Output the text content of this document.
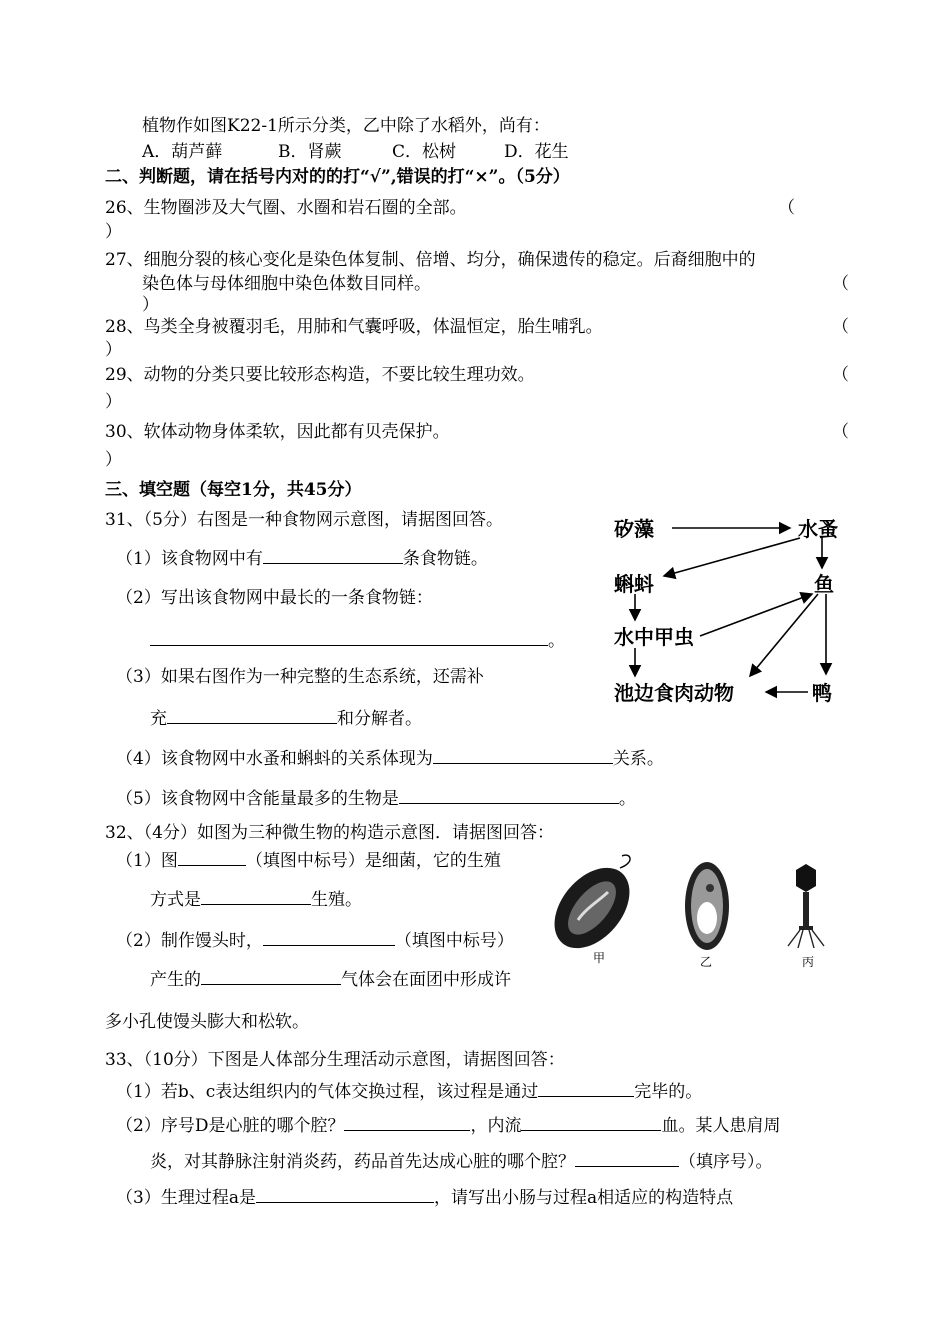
植物作如图K22-1所示分类，乙中除了水稻外，尚有：
A．葫芦藓	B．肾蕨	C．松树	D．花生
二、判断题，请在括号内对的的打“√”,错误的打“×”。（5分）
26、生物圈涉及大气圈、水圈和岩石圈的全部。	（
）
27、细胞分裂的核心变化是染色体复制、倍增、均分，确保遗传的稳定。后裔细胞中的
染色体与母体细胞中染色体数目同样。	（
）
28、鸟类全身被覆羽毛，用肺和气囊呼吸，体温恒定，胎生哺乳。	（
）
29、动物的分类只要比较形态构造，不要比较生理功效。	（
）
30、软体动物身体柔软，因此都有贝壳保护。	（
）
三、填空题（每空1分，共45分）
31、（5分）右图是一种食物网示意图，请据图回答。
（1）该食物网中有	条食物链。
（2）写出该食物网中最长的一条食物链：
。
（3）如果右图作为一种完整的生态系统，还需补
充	和分解者。
（4）该食物网中水蚤和蝌蚪的关系体现为	关系。
（5）该食物网中含能量最多的生物是	。
矽藻	水蚤
蝌蚪	鱼
水中甲虫
池边食肉动物	鸭
32、（4分）如图为三种微生物的构造示意图．请据图回答：
（1）图	（填图中标号）是细菌，它的生殖
方式是	生殖。
（2）制作馒头时，	（填图中标号）
产生的	气体会在面团中形成许
多小孔使馒头膨大和松软。
甲	乙	丙
33、（10分）下图是人体部分生理活动示意图，请据图回答：
（1）若b、c表达组织内的气体交换过程，该过程是通过	完毕的。
（2）序号D是心脏的哪个腔？	，内流	血。某人患肩周
炎，对其静脉注射消炎药，药品首先达成心脏的哪个腔？	（填序号）。
（3）生理过程a是	，请写出小肠与过程a相适应的构造特点
